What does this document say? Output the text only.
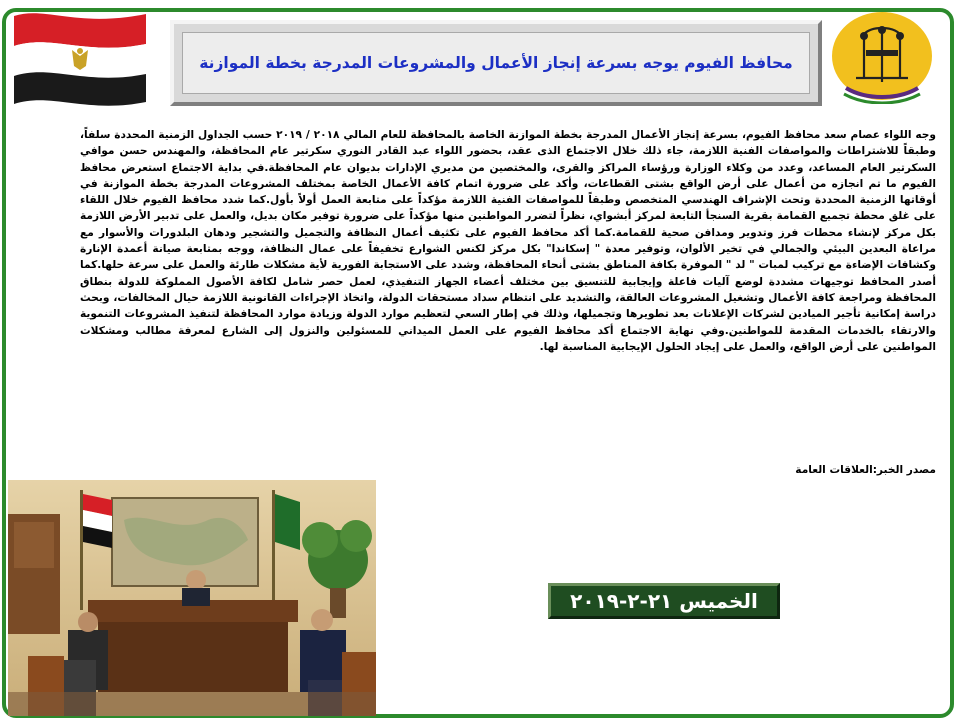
محافظ الفيوم يوجه بسرعة إنجاز الأعمال والمشروعات المدرجة بخطة الموازنة

وجه اللواء عصام سعد محافظ الفيوم، بسرعة إنجاز الأعمال المدرجة بخطة الموازنة الخاصة بالمحافظة للعام المالي ٢٠١٨ / ٢٠١٩ حسب الجداول الزمنية المحددة سلفاً، وطبقاً للاشتراطات والمواصفات الفنية اللازمة، جاء ذلك خلال الاجتماع الذى عقد، بحضور اللواء عبد القادر النوري سكرتير عام المحافظة، والمهندس حسن موافي السكرتير العام المساعد، وعدد من وكلاء الوزارة ورؤساء المراكز والقرى، والمختصين من مديري الإدارات بديوان عام المحافظة.في بداية الاجتماع استعرض محافظ الفيوم ما تم انجازه من أعمال على أرض الواقع بشتى القطاعات، وأكد على ضرورة اتمام كافة الأعمال الخاصة بمختلف المشروعات المدرجة بخطة الموازنة في أوقاتها الزمنية المحددة وتحت الإشراف الهندسي المتخصص وطبقاً للمواصفات الفنية اللازمة مؤكداً على متابعة العمل أولاً بأول.كما شدد محافظ الفيوم خلال اللقاء على غلق محطة تجميع القمامة بقرية السنجأ التابعة لمركز أبشواي، نظراً لتضرر المواطنين منها مؤكداً على ضرورة توفير مكان بديل، والعمل على تدبير الأرض اللازمة بكل مركز لإنشاء محطات فرز وتدوير ومدافن صحية للقمامة.كما أكد محافظ الفيوم على تكثيف أعمال النظافة والتجميل والتشجير ودهان البلدورات والأسوار مع مراعاة البعدين البيئي والجمالي في تخير الألوان، وتوفير معدة " إسكاندا" بكل مركز لكنس الشوارع تخفيفاً على عمال النظافة، ووجه بمتابعة صيانة أعمدة الإنارة وكشافات الإضاءة مع تركيب لمبات " لد " الموفرة بكافة المناطق بشتى أنحاء المحافظة، وشدد على الاستجابة الفورية لأية مشكلات طارئة والعمل على سرعة حلها.كما أصدر المحافظ توجيهات مشددة لوضع آليات فاعلة وإيجابية للتنسيق بين مختلف أعضاء الجهاز التنفيذي، لعمل حصر شامل لكافة الأصول المملوكة للدولة بنطاق المحافظة ومراجعة كافة الأعمال وتشغيل المشروعات العالقة، والتشديد على انتظام سداد مستحقات الدولة، واتخاذ الإجراءات القانونية اللازمة حيال المخالفات، وبحث دراسة إمكانية تأجير الميادين لشركات الإعلانات بعد تطويرها وتجميلها، وذلك في إطار السعي لتعظيم موارد الدولة وزيادة موارد المحافظة لتنفيذ المشروعات التنموية والارتقاء بالخدمات المقدمة للمواطنين.وفي نهاية الاجتماع أكد محافظ الفيوم على العمل الميداني للمسئولين والنزول إلى الشارع لمعرفة مطالب ومشكلات المواطنين على أرض الواقع، والعمل على إيجاد الحلول الإيجابية المناسبة لها.

مصدر الخبر:العلاقات العامة
الخميس ٢١-٢-٢٠١٩
